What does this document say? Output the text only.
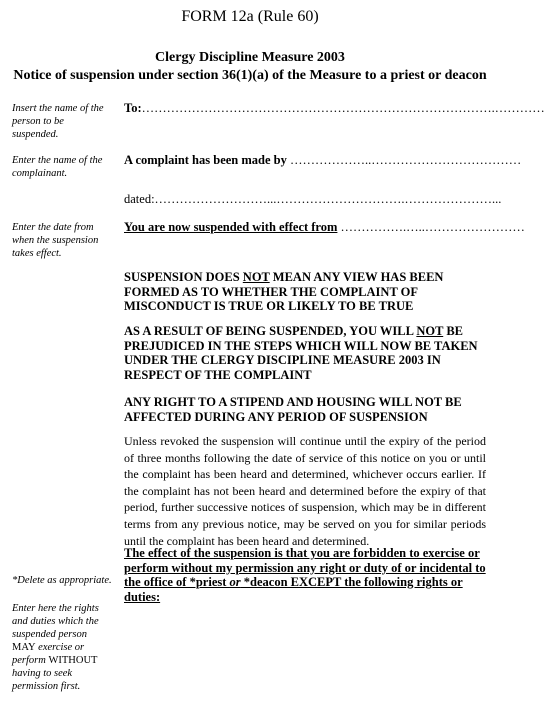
FORM 12a (Rule 60)
Clergy Discipline Measure 2003
Notice of suspension under section 36(1)(a) of the Measure to a priest or deacon
Insert the name of the person to be suspended.
Enter the name of the complainant.
Enter the date from when the suspension takes effect.
*Delete as appropriate.
Enter here the rights and duties which the suspended person MAY exercise or perform WITHOUT having to seek permission first.
To:………………………………………………………………………….…………
A complaint has been made by ………………..………………………………
dated:………………………...………………………….…………………...
You are now suspended with effect from …………….…..……………………
SUSPENSION DOES NOT MEAN ANY VIEW HAS BEEN FORMED AS TO WHETHER THE COMPLAINT OF MISCONDUCT IS TRUE OR LIKELY TO BE TRUE
AS A RESULT OF BEING SUSPENDED, YOU WILL NOT BE PREJUDICED IN THE STEPS WHICH WILL NOW BE TAKEN UNDER THE CLERGY DISCIPLINE MEASURE 2003 IN RESPECT OF THE COMPLAINT
ANY RIGHT TO A STIPEND AND HOUSING WILL NOT BE AFFECTED DURING ANY PERIOD OF SUSPENSION
Unless revoked the suspension will continue until the expiry of the period of three months following the date of service of this notice on you or until the complaint has been heard and determined, whichever occurs earlier. If the complaint has not been heard and determined before the expiry of that period, further successive notices of suspension, which may be in different terms from any previous notice, may be served on you for similar periods until the complaint has been heard and determined.
The effect of the suspension is that you are forbidden to exercise or perform without my permission any right or duty of or incidental to the office of *priest or *deacon EXCEPT the following rights or duties:
